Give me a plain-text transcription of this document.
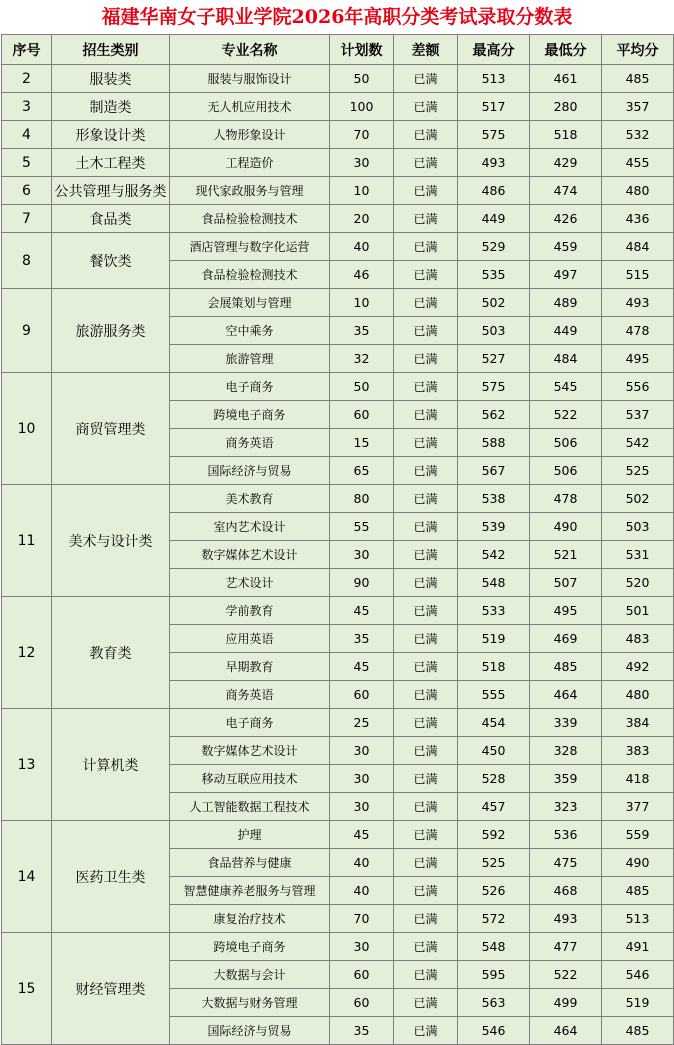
福建华南女子职业学院2026年高职分类考试录取分数表
序号	招生类别	专业名称	计划数	差额	最高分	最低分	平均分
2	服装类	服装与服饰设计	50	已满	513	461	485
3	制造类	无人机应用技术	100	已满	517	280	357
4	形象设计类	人物形象设计	70	已满	575	518	532
5	土木工程类	工程造价	30	已满	493	429	455
6	公共管理与服务类	现代家政服务与管理	10	已满	486	474	480
7	食品类	食品检验检测技术	20	已满	449	426	436
8	餐饮类	酒店管理与数字化运营	40	已满	529	459	484
		食品检验检测技术	46	已满	535	497	515
9	旅游服务类	会展策划与管理	10	已满	502	489	493
		空中乘务	35	已满	503	449	478
		旅游管理	32	已满	527	484	495
10	商贸管理类	电子商务	50	已满	575	545	556
		跨境电子商务	60	已满	562	522	537
		商务英语	15	已满	588	506	542
		国际经济与贸易	65	已满	567	506	525
11	美术与设计类	美术教育	80	已满	538	478	502
		室内艺术设计	55	已满	539	490	503
		数字媒体艺术设计	30	已满	542	521	531
		艺术设计	90	已满	548	507	520
12	教育类	学前教育	45	已满	533	495	501
		应用英语	35	已满	519	469	483
		早期教育	45	已满	518	485	492
		商务英语	60	已满	555	464	480
13	计算机类	电子商务	25	已满	454	339	384
		数字媒体艺术设计	30	已满	450	328	383
		移动互联应用技术	30	已满	528	359	418
		人工智能数据工程技术	30	已满	457	323	377
14	医药卫生类	护理	45	已满	592	536	559
		食品营养与健康	40	已满	525	475	490
		智慧健康养老服务与管理	40	已满	526	468	485
		康复治疗技术	70	已满	572	493	513
15	财经管理类	跨境电子商务	30	已满	548	477	491
		大数据与会计	60	已满	595	522	546
		大数据与财务管理	60	已满	563	499	519
		国际经济与贸易	35	已满	546	464	485
